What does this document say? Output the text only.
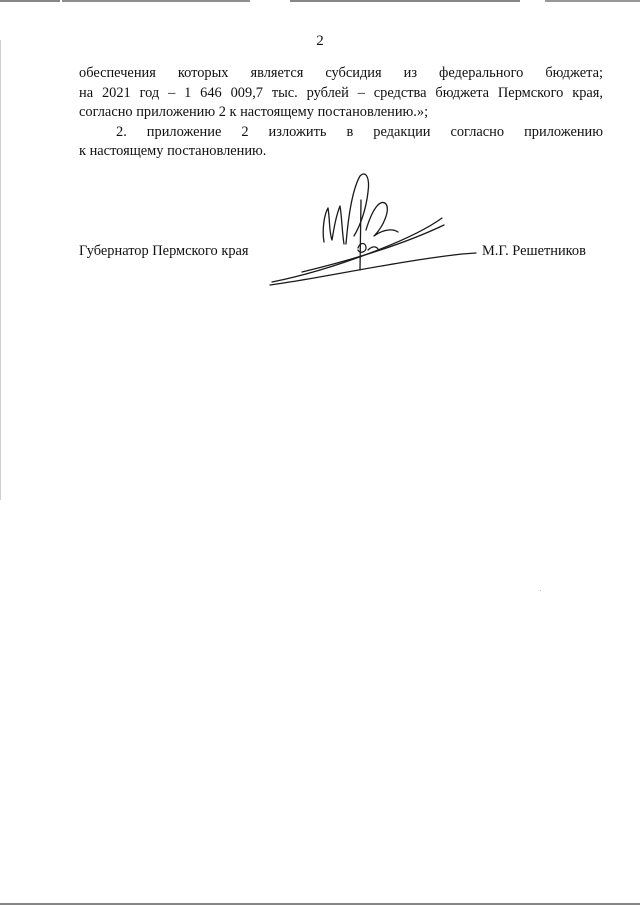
2
обеспечения которых является субсидия из федерального бюджета;
на 2021 год – 1 646 009,7 тыс. рублей – средства бюджета Пермского края,
согласно приложению 2 к настоящему постановлению.»;
2. приложение 2 изложить в редакции согласно приложению
к настоящему постановлению.
Губернатор Пермского края	М.Г. Решетников
